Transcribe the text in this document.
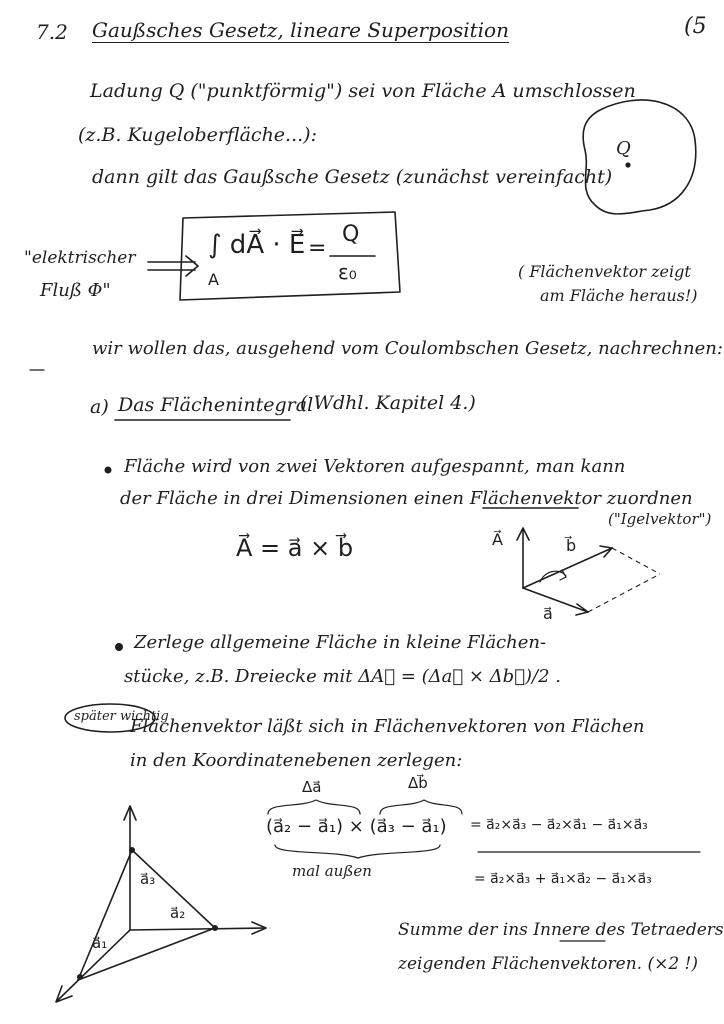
7.2 Gaußsches Gesetz, lineare Superposition	(5

Ladung Q ("punktförmig") sei von Fläche A umschlossen

(z.B. Kugeloberfläche...):

dann gilt das Gaußsche Gesetz (zunächst vereinfacht)

Q

"elektrischer

Fluß Φ"

∫ dA⃗ · E⃗

A

=

Q

ε₀	( Flächenvektor zeigt

am Fläche heraus!)

wir wollen das, ausgehend vom Coulombschen Gesetz, nachrechnen:

a) Das Flächenintegral

( Wdhl. Kapitel 4.)

Fläche wird von zwei Vektoren aufgespannt, man kann

der Fläche in drei Dimensionen einen Flächenvektor zuordnen

("Igelvektor")

A⃗ = a⃗ × b⃗	A⃗	b⃗

a⃗

Zerlege allgemeine Fläche in kleine Flächen-

stücke, z.B. Dreiecke mit ΔA⃗ = (Δa⃗ × Δb⃗)/2 .

später wichtig

Flächenvektor läßt sich in Flächenvektoren von Flächen

in den Koordinatenebenen zerlegen:

Δa⃗	Δb⃗

(a⃗₂ − a⃗₁) × (a⃗₃ − a⃗₁) = a⃗₂×a⃗₃ − a⃗₂×a⃗₁ − a⃗₁×a⃗₃

mal außen	= a⃗₂×a⃗₃ + a⃗₁×a⃗₂ − a⃗₁×a⃗₃

Summe der ins Innere des Tetraeders

zeigenden Flächenvektoren. (×2 !)

a⃗₃

a⃗₂

a⃗₁
